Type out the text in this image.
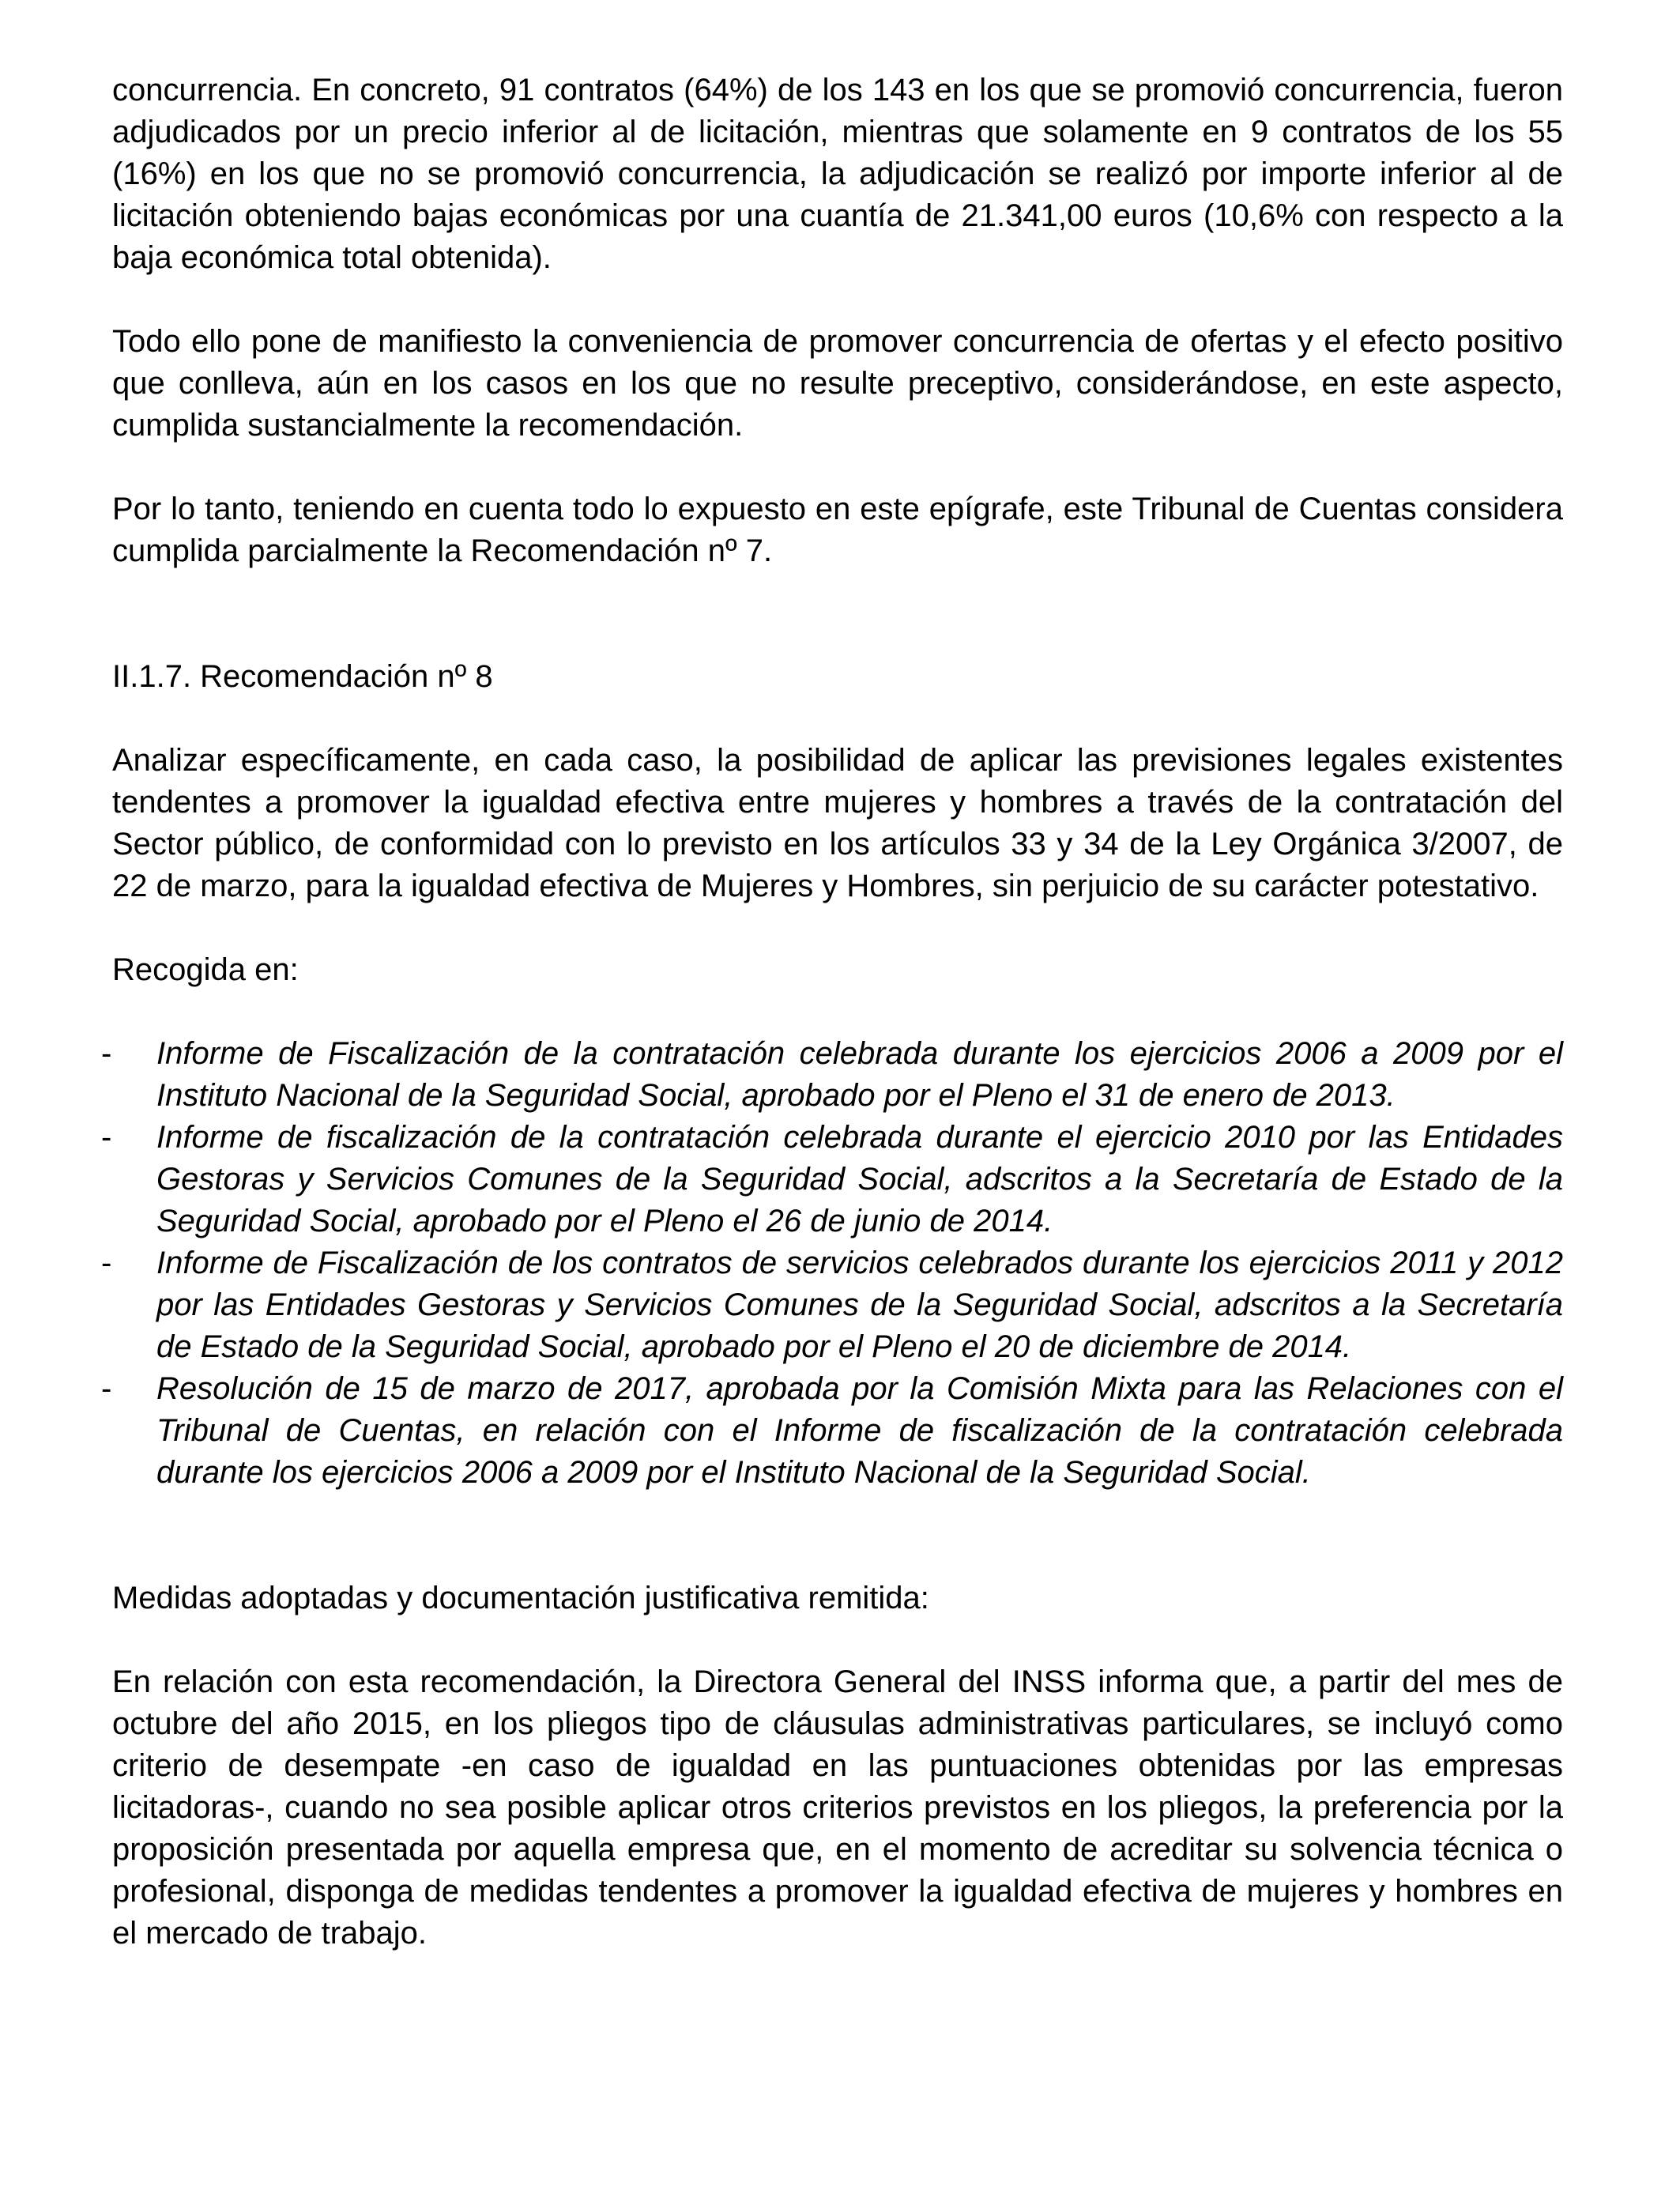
concurrencia. En concreto, 91 contratos (64%) de los 143 en los que se promovió concurrencia, fueron adjudicados por un precio inferior al de licitación, mientras que solamente en 9 contratos de los 55 (16%) en los que no se promovió concurrencia, la adjudicación se realizó por importe inferior al de licitación obteniendo bajas económicas por una cuantía de 21.341,00 euros (10,6% con respecto a la baja económica total obtenida).

Todo ello pone de manifiesto la conveniencia de promover concurrencia de ofertas y el efecto positivo que conlleva, aún en los casos en los que no resulte preceptivo, considerándose, en este aspecto, cumplida sustancialmente la recomendación.

Por lo tanto, teniendo en cuenta todo lo expuesto en este epígrafe, este Tribunal de Cuentas considera cumplida parcialmente la Recomendación nº 7.

II.1.7. Recomendación nº 8

Analizar específicamente, en cada caso, la posibilidad de aplicar las previsiones legales existentes tendentes a promover la igualdad efectiva entre mujeres y hombres a través de la contratación del Sector público, de conformidad con lo previsto en los artículos 33 y 34 de la Ley Orgánica 3/2007, de 22 de marzo, para la igualdad efectiva de Mujeres y Hombres, sin perjuicio de su carácter potestativo.

Recogida en:

- Informe de Fiscalización de la contratación celebrada durante los ejercicios 2006 a 2009 por el Instituto Nacional de la Seguridad Social, aprobado por el Pleno el 31 de enero de 2013.
- Informe de fiscalización de la contratación celebrada durante el ejercicio 2010 por las Entidades Gestoras y Servicios Comunes de la Seguridad Social, adscritos a la Secretaría de Estado de la Seguridad Social, aprobado por el Pleno el 26 de junio de 2014.
- Informe de Fiscalización de los contratos de servicios celebrados durante los ejercicios 2011 y 2012 por las Entidades Gestoras y Servicios Comunes de la Seguridad Social, adscritos a la Secretaría de Estado de la Seguridad Social, aprobado por el Pleno el 20 de diciembre de 2014.
- Resolución de 15 de marzo de 2017, aprobada por la Comisión Mixta para las Relaciones con el Tribunal de Cuentas, en relación con el Informe de fiscalización de la contratación celebrada durante los ejercicios 2006 a 2009 por el Instituto Nacional de la Seguridad Social.

Medidas adoptadas y documentación justificativa remitida:

En relación con esta recomendación, la Directora General del INSS informa que, a partir del mes de octubre del año 2015, en los pliegos tipo de cláusulas administrativas particulares, se incluyó como criterio de desempate -en caso de igualdad en las puntuaciones obtenidas por las empresas licitadoras-, cuando no sea posible aplicar otros criterios previstos en los pliegos, la preferencia por la proposición presentada por aquella empresa que, en el momento de acreditar su solvencia técnica o profesional, disponga de medidas tendentes a promover la igualdad efectiva de mujeres y hombres en el mercado de trabajo.
